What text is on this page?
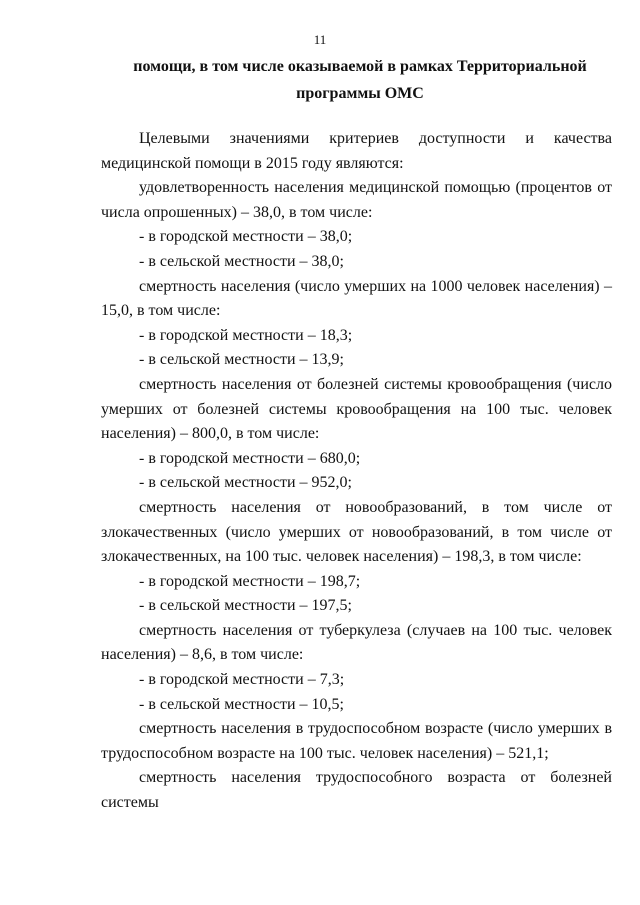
11
помощи, в том числе оказываемой в рамках Территориальной
программы ОМС

Целевыми значениями критериев доступности и качества медицинской помощи в 2015 году являются:

удовлетворенность населения медицинской помощью (процентов от числа опрошенных) – 38,0, в том числе:

- в городской местности – 38,0;

- в сельской местности – 38,0;

смертность населения (число умерших на 1000 человек населения) – 15,0, в том числе:

- в городской местности – 18,3;

- в сельской местности – 13,9;

смертность населения от болезней системы кровообращения (число умерших от болезней системы кровообращения на 100 тыс. человек населения) – 800,0, в том числе:

- в городской местности – 680,0;

- в сельской местности – 952,0;

смертность населения от новообразований, в том числе от злокачественных (число умерших от новообразований, в том числе от злокачественных, на 100 тыс. человек населения) – 198,3, в том числе:

- в городской местности – 198,7;

- в сельской местности – 197,5;

смертность населения от туберкулеза (случаев на 100 тыс. человек населения) – 8,6, в том числе:

- в городской местности – 7,3;

- в сельской местности – 10,5;

смертность населения в трудоспособном возрасте (число умерших в трудоспособном возрасте на 100 тыс. человек населения) – 521,1;

смертность населения трудоспособного возраста от болезней системы
